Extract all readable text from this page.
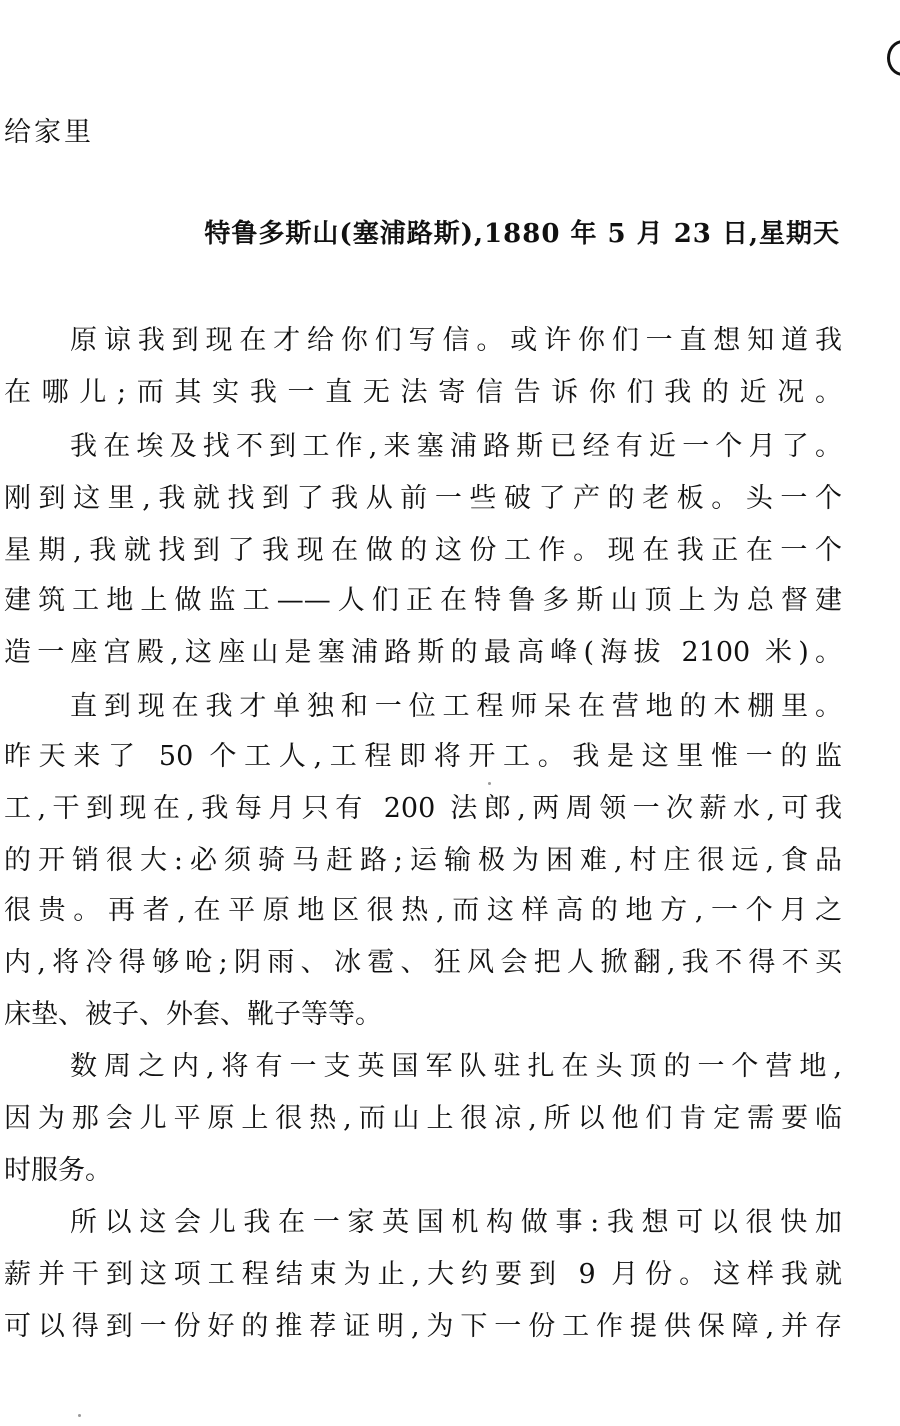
给家里
特鲁多斯山(塞浦路斯),1880 年 5 月 23 日,星期天
原谅我到现在才给你们写信。或许你们一直想知道我
在哪儿;而其实我一直无法寄信告诉你们我的近况。
我在埃及找不到工作,来塞浦路斯已经有近一个月了。
刚到这里,我就找到了我从前一些破了产的老板。头一个
星期,我就找到了我现在做的这份工作。现在我正在一个
建筑工地上做监工——人们正在特鲁多斯山顶上为总督建
造一座宫殿,这座山是塞浦路斯的最高峰(海拔 2100 米)。
直到现在我才单独和一位工程师呆在营地的木棚里。
昨天来了 50 个工人,工程即将开工。我是这里惟一的监
工,干到现在,我每月只有 200 法郎,两周领一次薪水,可我
的开销很大:必须骑马赶路;运输极为困难,村庄很远,食品
很贵。再者,在平原地区很热,而这样高的地方,一个月之
内,将冷得够呛;阴雨、冰雹、狂风会把人掀翻,我不得不买
床垫、被子、外套、靴子等等。
数周之内,将有一支英国军队驻扎在头顶的一个营地,
因为那会儿平原上很热,而山上很凉,所以他们肯定需要临
时服务。
所以这会儿我在一家英国机构做事:我想可以很快加
薪并干到这项工程结束为止,大约要到 9 月份。这样我就
可以得到一份好的推荐证明,为下一份工作提供保障,并存
